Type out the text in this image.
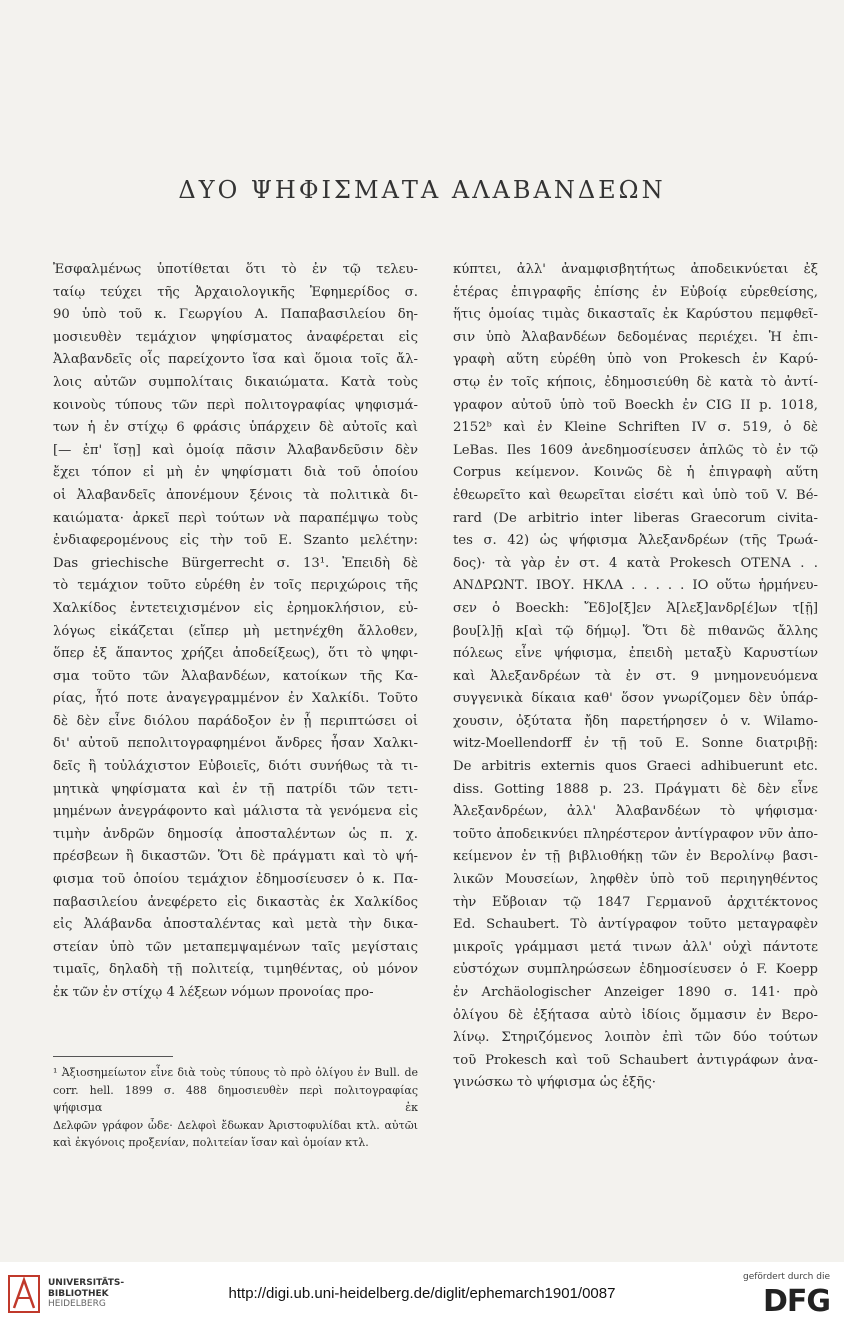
ΔΥΟ ΨΗΦΙΣΜΑΤΑ ΑΛΑΒΑΝΔΕΩΝ

Ἐσφαλμένως ὑποτίθεται ὅτι τὸ ἐν τῷ τελευ-

ταίῳ τεύχει τῆς Ἀρχαιολογικῆς Ἐφημερίδος σ.

90 ὑπὸ τοῦ κ. Γεωργίου Α. Παπαβασιλείου δη-

μοσιευθὲν τεμάχιον ψηφίσματος ἀναφέρεται εἰς

Ἀλαβανδεῖς οἷς παρείχοντο ἴσα καὶ ὅμοια τοῖς ἄλ-

λοις αὐτῶν συμπολίταις δικαιώματα. Κατὰ τοὺς

κοινοὺς τύπους τῶν περὶ πολιτογραφίας ψηφισμά-

των ἡ ἐν στίχῳ 6 φράσις ὑπάρχειν δὲ αὐτοῖς καὶ

[— ἐπ' ἴσῃ] καὶ ὁμοίᾳ πᾶσιν Ἀλαβανδεῦσιν δὲν

ἔχει τόπον εἰ μὴ ἐν ψηφίσματι διὰ τοῦ ὁποίου

οἱ Ἀλαβανδεῖς ἀπονέμουν ξένοις τὰ πολιτικὰ δι-

καιώματα· ἀρκεῖ περὶ τούτων νὰ παραπέμψω τοὺς

ἐνδιαφερομένους εἰς τὴν τοῦ E. Szanto μελέτην:

Das griechische Bürgerrecht σ. 13¹. Ἐπειδὴ δὲ

τὸ τεμάχιον τοῦτο εὑρέθη ἐν τοῖς περιχώροις τῆς

Χαλκίδος ἐντετειχισμένον εἰς ἐρημοκλήσιον, εὐ-

λόγως εἰκάζεται (εἴπερ μὴ μετηνέχθη ἄλλοθεν,

ὅπερ ἐξ ἅπαντος χρήζει ἀποδείξεως), ὅτι τὸ ψηφι-

σμα τοῦτο τῶν Ἀλαβανδέων, κατοίκων τῆς Κα-

ρίας, ἦτό ποτε ἀναγεγραμμένον ἐν Χαλκίδι. Τοῦτο

δὲ δὲν εἶνε διόλου παράδοξον ἐν ᾗ περιπτώσει οἱ

δι' αὐτοῦ πεπολιτογραφημένοι ἄνδρες ἦσαν Χαλκι-

δεῖς ἢ τοὐλάχιστον Εὐβοιεῖς, διότι συνήθως τὰ τι-

μητικὰ ψηφίσματα καὶ ἐν τῇ πατρίδι τῶν τετι-

μημένων ἀνεγράφοντο καὶ μάλιστα τὰ γενόμενα εἰς

τιμὴν ἀνδρῶν δημοσίᾳ ἀποσταλέντων ὡς π. χ.

πρέσβεων ἢ δικαστῶν. Ὅτι δὲ πράγματι καὶ τὸ ψή-

φισμα τοῦ ὁποίου τεμάχιον ἐδημοσίευσεν ὁ κ. Πα-

παβασιλείου ἀνεφέρετο εἰς δικαστὰς ἐκ Χαλκίδος

εἰς Ἀλάβανδα ἀποσταλέντας καὶ μετὰ τὴν δικα-

στείαν ὑπὸ τῶν μεταπεμψαμένων ταῖς μεγίσταις

τιμαῖς, δηλαδὴ τῇ πολιτείᾳ, τιμηθέντας, οὐ μόνον

ἐκ τῶν ἐν στίχῳ 4 λέξεων νόμων προνοίας προ-

κύπτει, ἀλλ' ἀναμφισβητήτως ἀποδεικνύεται ἐξ

ἑτέρας ἐπιγραφῆς ἐπίσης ἐν Εὐβοίᾳ εὑρεθείσης,

ἥτις ὁμοίας τιμὰς δικασταῖς ἐκ Καρύστου πεμφθεῖ-

σιν ὑπὸ Ἀλαβανδέων δεδομένας περιέχει. Ἡ ἐπι-

γραφὴ αὕτη εὑρέθη ὑπὸ von Prokesch ἐν Καρύ-

στῳ ἐν τοῖς κήποις, ἐδημοσιεύθη δὲ κατὰ τὸ ἀντί-

γραφον αὐτοῦ ὑπὸ τοῦ Boeckh ἐν CIG II p. 1018,

2152ᵇ καὶ ἐν Kleine Schriften IV σ. 519, ὁ δὲ

LeBas. Iles 1609 ἀνεδημοσίευσεν ἁπλῶς τὸ ἐν τῷ

Corpus κείμενον. Κοινῶς δὲ ἡ ἐπιγραφὴ αὕτη

ἐθεωρεῖτο καὶ θεωρεῖται εἰσέτι καὶ ὑπὸ τοῦ V. Bé-

rard (De arbitrio inter liberas Graecorum civita-

tes σ. 42) ὡς ψήφισμα Ἀλεξανδρέων (τῆς Τρωά-

δος)· τὰ γὰρ ἐν στ. 4 κατὰ Prokesch ΟΤΕΝΑ . .

ΑΝΔΡΩΝΤ. ΙΒΟΥ. ΗΚΛΑ . . . . . ΙΟ οὕτω ἡρμήνευ-

σεν ὁ Boeckh: Ἔδ]ο[ξ]εν Ἀ[λεξ]ανδρ[έ]ων τ[ῇ]

βου[λ]ῇ κ[αὶ τῷ δήμῳ]. Ὅτι δὲ πιθανῶς ἄλλης

πόλεως εἶνε ψήφισμα, ἐπειδὴ μεταξὺ Καρυστίων

καὶ Ἀλεξανδρέων τὰ ἐν στ. 9 μνημονευόμενα

συγγενικὰ δίκαια καθ' ὅσον γνωρίζομεν δὲν ὑπάρ-

χουσιν, ὀξύτατα ἤδη παρετήρησεν ὁ v. Wilamo-

witz-Moellendorff ἐν τῇ τοῦ E. Sonne διατριβῇ:

De arbitris externis quos Graeci adhibuerunt etc.

diss. Gotting 1888 p. 23. Πράγματι δὲ δὲν εἶνε

Ἀλεξανδρέων, ἀλλ' Ἀλαβανδέων τὸ ψήφισμα·

τοῦτο ἀποδεικνύει πληρέστερον ἀντίγραφον νῦν ἀπο-

κείμενον ἐν τῇ βιβλιοθήκῃ τῶν ἐν Βερολίνῳ βασι-

λικῶν Μουσείων, ληφθὲν ὑπὸ τοῦ περιηγηθέντος

τὴν Εὔβοιαν τῷ 1847 Γερμανοῦ ἀρχιτέκτονος

Ed. Schaubert. Τὸ ἀντίγραφον τοῦτο μεταγραφὲν

μικροῖς γράμμασι μετά τινων ἀλλ' οὐχὶ πάντοτε

εὐστόχων συμπληρώσεων ἐδημοσίευσεν ὁ F. Koepp

ἐν Archäologischer Anzeiger 1890 σ. 141· πρὸ

ὀλίγου δὲ ἐξήτασα αὐτὸ ἰδίοις ὄμμασιν ἐν Βερο-

λίνῳ. Στηριζόμενος λοιπὸν ἐπὶ τῶν δύο τούτων

τοῦ Prokesch καὶ τοῦ Schaubert ἀντιγράφων ἀνα-

γινώσκω τὸ ψήφισμα ὡς ἑξῆς·

¹ Ἀξιοσημείωτον εἶνε διὰ τοὺς τύπους τὸ πρὸ ὀλίγου ἐν Bull. de

corr. hell. 1899 σ. 488 δημοσιευθὲν περὶ πολιτογραφίας ψήφισμα ἐκ

Δελφῶν γράφον ὧδε· Δελφοὶ ἔδωκαν Ἀριστοφυλίδαι κτλ. αὐτῶι

καὶ ἐκγόνοις προξενίαν, πολιτείαν ἴσαν καὶ ὁμοίαν κτλ.

UNIVERSITÄTS-
BIBLIOTHEK
HEIDELBERG
http://digi.ub.uni-heidelberg.de/diglit/ephemarch1901/0087
gefördert durch die
DFG
